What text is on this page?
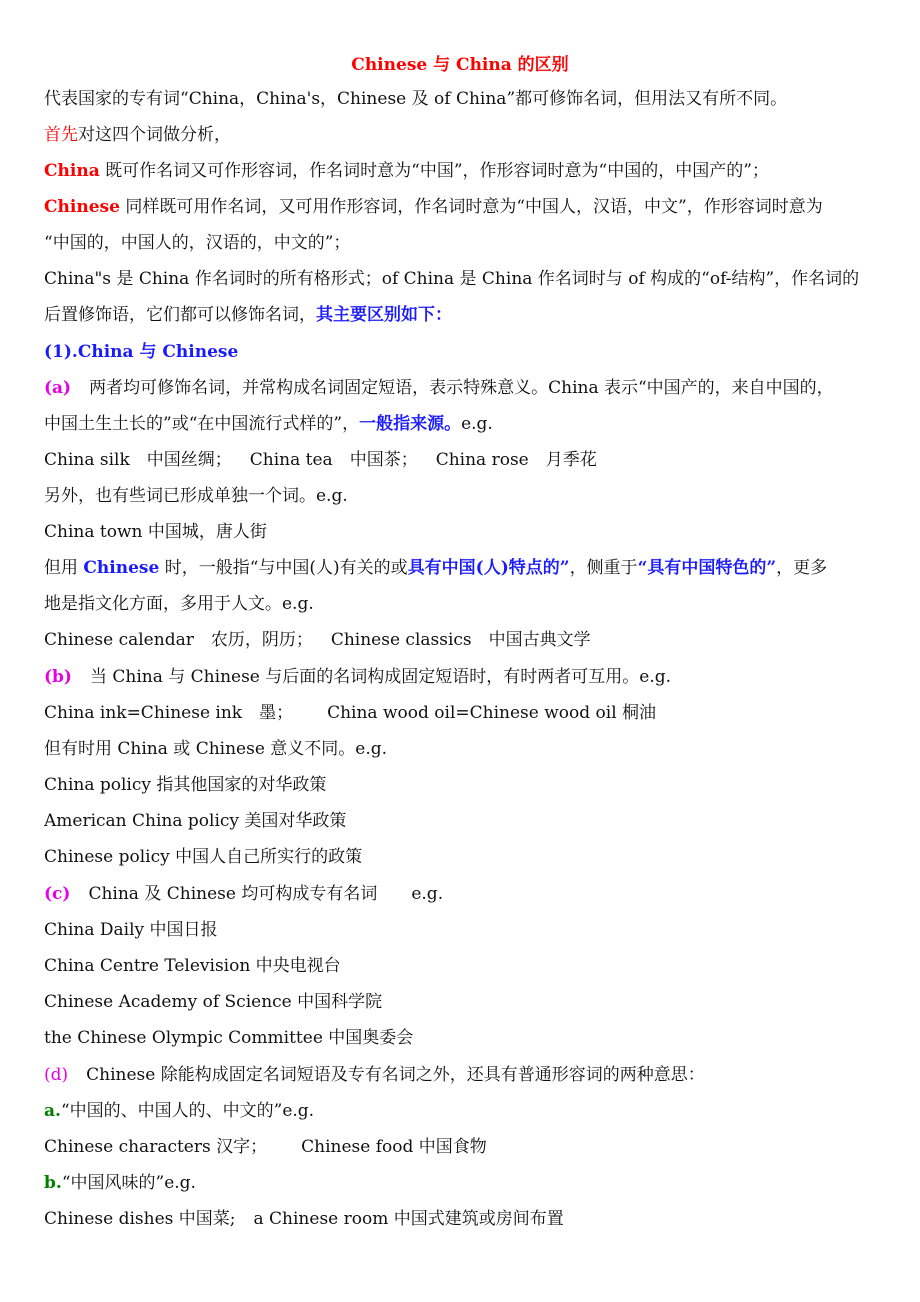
Chinese 与 China 的区别
代表国家的专有词“China，China's，Chinese 及 of China”都可修饰名词，但用法又有所不同。
首先对这四个词做分析，
China 既可作名词又可作形容词，作名词时意为“中国”，作形容词时意为“中国的，中国产的”；
Chinese 同样既可用作名词，又可用作形容词，作名词时意为“中国人，汉语，中文”，作形容词时意为
“中国的，中国人的，汉语的，中文的”；
China"s 是 China 作名词时的所有格形式；of China 是 China 作名词时与 of 构成的“of-结构”，作名词的
后置修饰语，它们都可以修饰名词，其主要区别如下：
(1).China 与 Chinese
(a) 两者均可修饰名词，并常构成名词固定短语，表示特殊意义。China 表示“中国产的，来自中国的，
中国土生土长的”或“在中国流行式样的”，一般指来源。e.g.
China silk　中国丝绸； China tea　中国茶； China rose　月季花
另外，也有些词已形成单独一个词。e.g.
China town 中国城，唐人街
但用 Chinese 时，一般指“与中国(人)有关的或具有中国(人)特点的”，侧重于“具有中国特色的”，更多
地是指文化方面，多用于人文。e.g.
Chinese calendar　农历，阴历； Chinese classics　中国古典文学
(b) 当 China 与 Chinese 与后面的名词构成固定短语时，有时两者可互用。e.g.
China ink=Chinese ink　墨； China wood oil=Chinese wood oil 桐油
但有时用 China 或 Chinese 意义不同。e.g.
China policy 指其他国家的对华政策
American China policy 美国对华政策
Chinese policy 中国人自己所实行的政策
(c) China 及 Chinese 均可构成专有名词 e.g.
China Daily 中国日报
China Centre Television 中央电视台
Chinese Academy of Science 中国科学院
the Chinese Olympic Committee 中国奥委会
(d) Chinese 除能构成固定名词短语及专有名词之外，还具有普通形容词的两种意思：
a.“中国的、中国人的、中文的”e.g.
Chinese characters 汉字； Chinese food 中国食物
b.“中国风味的”e.g.
Chinese dishes 中国菜; a Chinese room 中国式建筑或房间布置
